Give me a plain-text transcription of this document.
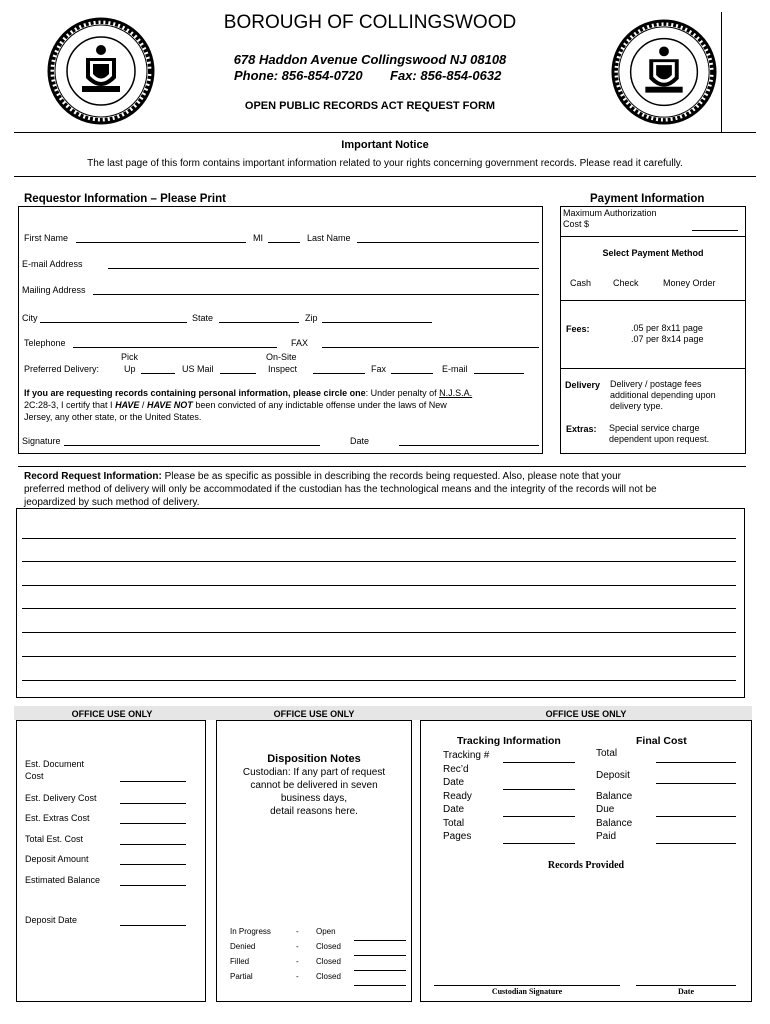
BOROUGH OF COLLINGSWOOD
678 Haddon Avenue Collingswood NJ 08108
Phone: 856-854-0720 Fax: 856-854-0632
OPEN PUBLIC RECORDS ACT REQUEST FORM
Important Notice
The last page of this form contains important information related to your rights concerning government records. Please read it carefully.
Requestor Information – Please Print
First Name	MI	Last Name
E-mail Address
Mailing Address
City	State	Zip
Telephone	FAX
Pick	On-Site
Preferred Delivery:	Up	US Mail	Inspect	Fax	E-mail
If you are requesting records containing personal information, please circle one: Under penalty of N.J.S.A.
2C:28-3, I certify that I HAVE / HAVE NOT been convicted of any indictable offense under the laws of New
Jersey, any other state, or the United States.
Signature	Date
Payment Information
Maximum Authorization
Cost $
Select Payment Method
Cash Check	Money Order
Fees:	.05 per 8x11 page
.07 per 8x14 page
Delivery Delivery / postage fees
additional depending upon
delivery type.
Extras: Special service charge
dependent upon request.
Record Request Information: Please be as specific as possible in describing the records being requested. Also, please note that your
preferred method of delivery will only be accommodated if the custodian has the technological means and the integrity of the records will not be
jeopardized by such method of delivery.
OFFICE USE ONLY	OFFICE USE ONLY	OFFICE USE ONLY
Est. Document
Cost
Est. Delivery Cost
Est. Extras Cost
Total Est. Cost
Deposit Amount
Estimated Balance
Deposit Date
Disposition Notes
Custodian: If any part of request
cannot be delivered in seven
business days,
detail reasons here.
In Progress	- Open
Denied	- Closed
Filled	- Closed
Partial	- Closed
Tracking Information
Tracking #
Rec’d
Date
Ready
Date
Total
Pages
Final Cost
Total
Deposit
Balance
Due
Balance
Paid
Records Provided
Custodian Signature	Date
